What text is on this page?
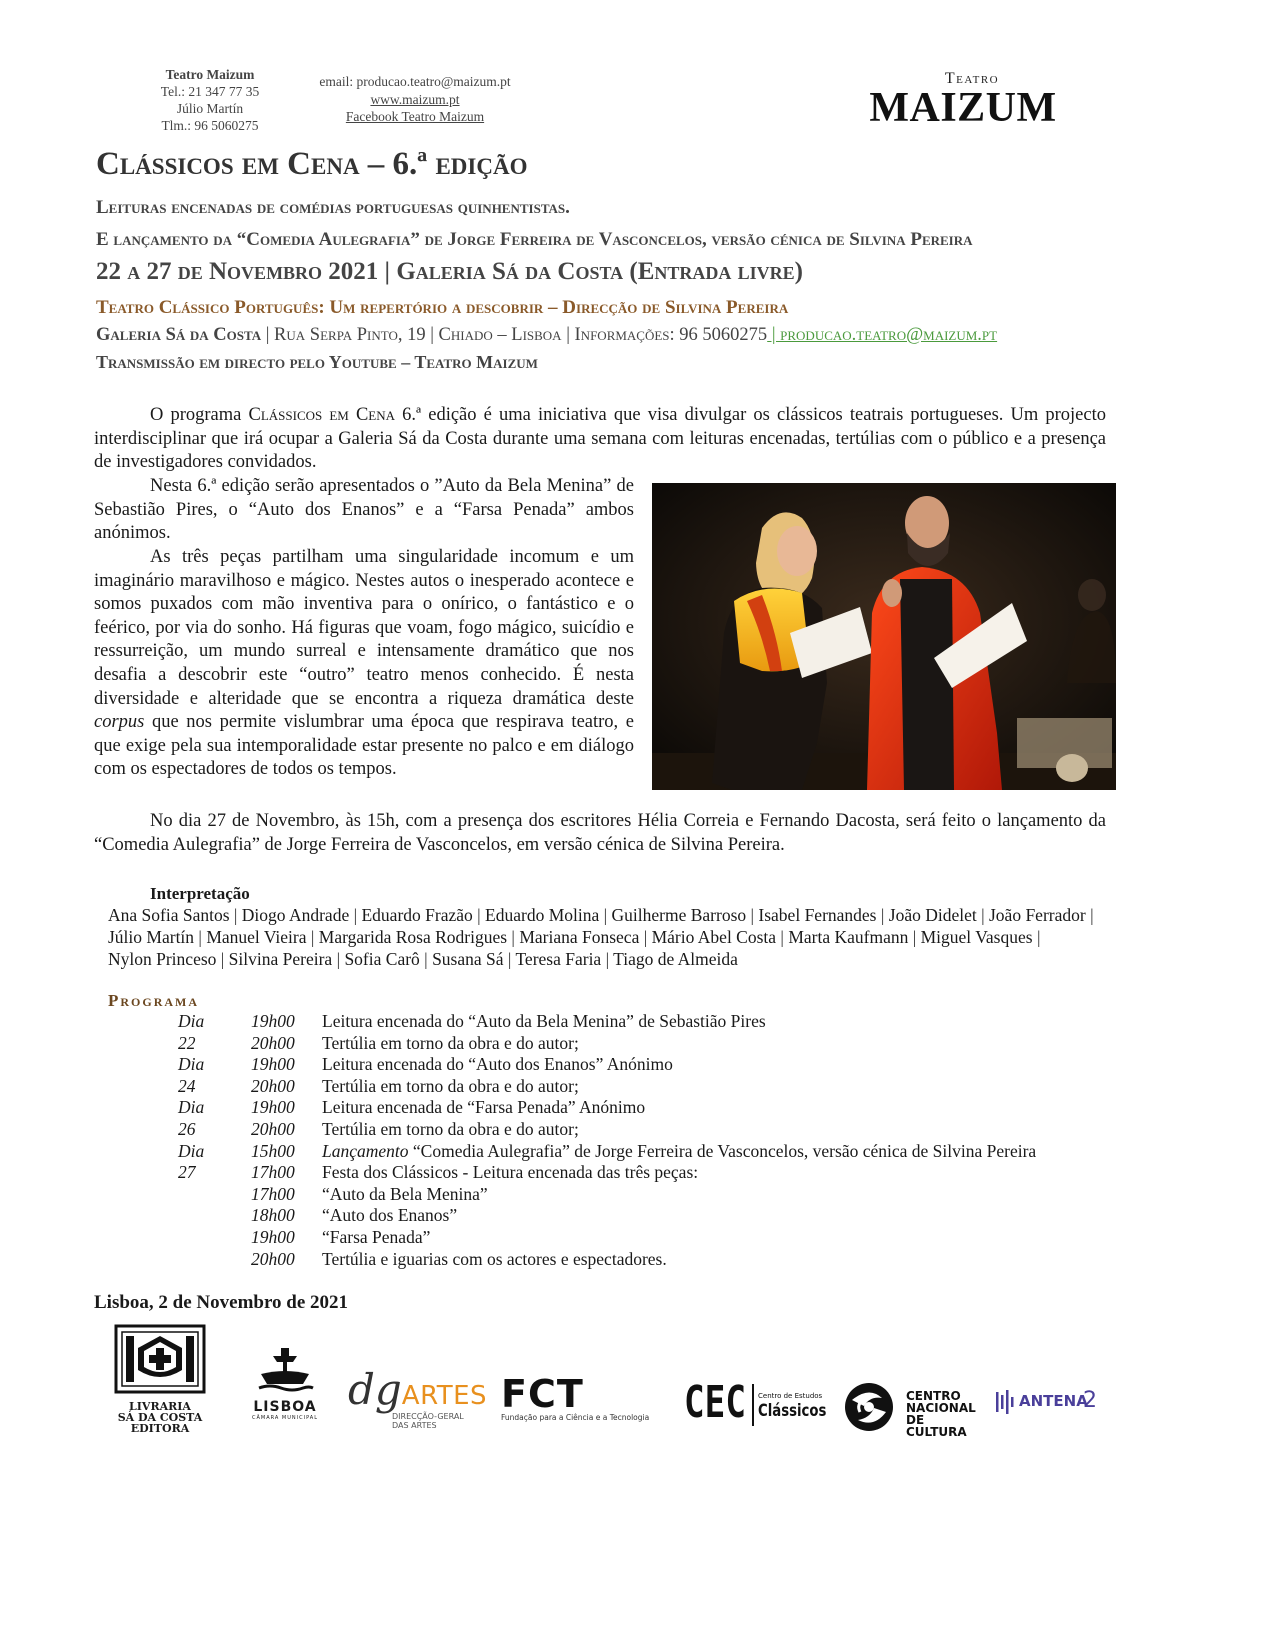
Teatro Maizum
Tel.: 21 347 77 35
Júlio Martín
Tlm.: 96 5060275
email: producao.teatro@maizum.pt
www.maizum.pt
Facebook Teatro Maizum
Teatro
MAIZUM
Clássicos em Cena – 6.ª edição
Leituras encenadas de comédias portuguesas quinhentistas.
E lançamento da “Comedia Aulegrafia” de Jorge Ferreira de Vasconcelos, versão cénica de Silvina Pereira
22 a 27 de Novembro 2021 | Galeria Sá da Costa (Entrada livre)
Teatro Clássico Português: Um repertório a descobrir – Direcção de Silvina Pereira
Galeria Sá da Costa | Rua Serpa Pinto, 19 | Chiado – Lisboa | Informações: 96 5060275 | producao.teatro@maizum.pt
Transmissão em directo pelo Youtube – Teatro Maizum
O programa Clássicos em Cena 6.ª edição é uma iniciativa que visa divulgar os clássicos teatrais portugueses. Um projecto interdisciplinar que irá ocupar a Galeria Sá da Costa durante uma semana com leituras encenadas, tertúlias com o público e a presença de investigadores convidados.
Nesta 6.ª edição serão apresentados o ”Auto da Bela Menina” de Sebastião Pires, o “Auto dos Enanos” e a “Farsa Penada” ambos anónimos.
As três peças partilham uma singularidade incomum e um imaginário maravilhoso e mágico. Nestes autos o inesperado acontece e somos puxados com mão inventiva para o onírico, o fantástico e o feérico, por via do sonho. Há figuras que voam, fogo mágico, suicídio e ressurreição, um mundo surreal e intensamente dramático que nos desafia a descobrir este “outro” teatro menos conhecido. É nesta diversidade e alteridade que se encontra a riqueza dramática deste corpus que nos permite vislumbrar uma época que respirava teatro, e que exige pela sua intemporalidade estar presente no palco e em diálogo com os espectadores de todos os tempos.
No dia 27 de Novembro, às 15h, com a presença dos escritores Hélia Correia e Fernando Dacosta, será feito o lançamento da “Comedia Aulegrafia” de Jorge Ferreira de Vasconcelos, em versão cénica de Silvina Pereira.
Interpretação
Ana Sofia Santos | Diogo Andrade | Eduardo Frazão | Eduardo Molina | Guilherme Barroso | Isabel Fernandes | João Didelet | João Ferrador | Júlio Martín | Manuel Vieira | Margarida Rosa Rodrigues | Mariana Fonseca | Mário Abel Costa | Marta Kaufmann | Miguel Vasques | Nylon Princeso | Silvina Pereira | Sofia Carô | Susana Sá | Teresa Faria | Tiago de Almeida
Programa
Dia 22
19h00 Leitura encenada do “Auto da Bela Menina” de Sebastião Pires
20h00 Tertúlia em torno da obra e do autor;
Dia 24
19h00 Leitura encenada do “Auto dos Enanos” Anónimo
20h00 Tertúlia em torno da obra e do autor;
Dia 26
19h00 Leitura encenada de “Farsa Penada” Anónimo
20h00 Tertúlia em torno da obra e do autor;
Dia 27
15h00 Lançamento “Comedia Aulegrafia” de Jorge Ferreira de Vasconcelos, versão cénica de Silvina Pereira
17h00 Festa dos Clássicos - Leitura encenada das três peças:
17h00 “Auto da Bela Menina”
18h00 “Auto dos Enanos”
19h00 “Farsa Penada”
20h00 Tertúlia e iguarias com os actores e espectadores.
Lisboa, 2 de Novembro de 2021
LIVRARIA
SÁ DA COSTA
EDITORA
LISBOA
CÂMARA MUNICIPAL
dgARTES
DIRECÇÃO-GERAL
DAS ARTES
FCT
Fundação para a Ciência e a Tecnologia CEC Centro de Estudos
Clássicos
CENTRO
NACIONAL
DE CULTURA
ANTENA
2
